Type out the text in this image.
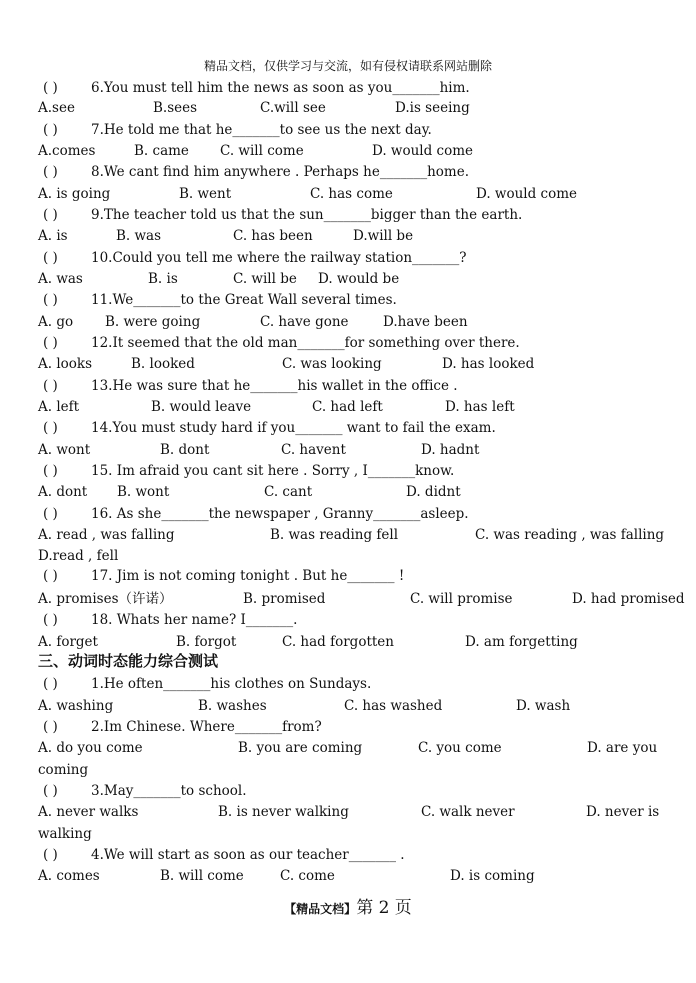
精品文档，仅供学习与交流，如有侵权请联系网站删除
( ) 6.You must tell him the news as soon as you_______him.
A.see	B.sees	C.will see	D.is seeing
( ) 7.He told me that he_______to see us the next day.
A.comes	B. came C. will come	D. would come
( ) 8.We cant find him anywhere . Perhaps he_______home.
A. is going	B. went	C. has come	D. would come
( ) 9.The teacher told us that the sun_______bigger than the earth.
A. is	B. was	C. has been	D.will be
( ) 10.Could you tell me where the railway station_______?
A. was	B. is	C. will be D. would be
( ) 11.We_______to the Great Wall several times.
A. go B. were going	C. have gone	D.have been
( ) 12.It seemed that the old man_______for something over there.
A. looks	B. looked	C. was looking	D. has looked
( ) 13.He was sure that he_______his wallet in the office .
A. left	B. would leave	C. had left	D. has left
( ) 14.You must study hard if you_______ want to fail the exam.
A. wont	B. dont	C. havent	D. hadnt
( ) 15. Im afraid you cant sit here . Sorry , I_______know.
A. dont B. wont	C. cant	D. didnt
( ) 16. As she_______the newspaper , Granny_______asleep.
A. read , was falling	B. was reading fell	C. was reading , was falling
D.read , fell
( ) 17. Jim is not coming tonight . But he_______ !
A. promises（许诺）	B. promised	C. will promise	D. had promised
( ) 18. Whats her name? I_______.
A. forget	B. forgot	C. had forgotten	D. am forgetting
三、动词时态能力综合测试
( ) 1.He often_______his clothes on Sundays.
A. washing	B. washes	C. has washed	D. wash
( ) 2.Im Chinese. Where_______from?
A. do you come	B. you are coming	C. you come	D. are you
coming
( ) 3.May_______to school.
A. never walks	B. is never walking	C. walk never	D. never is
walking
( ) 4.We will start as soon as our teacher_______ .
A. comes	B. will come	C. come	D. is coming
【精品文档】第 2 页
